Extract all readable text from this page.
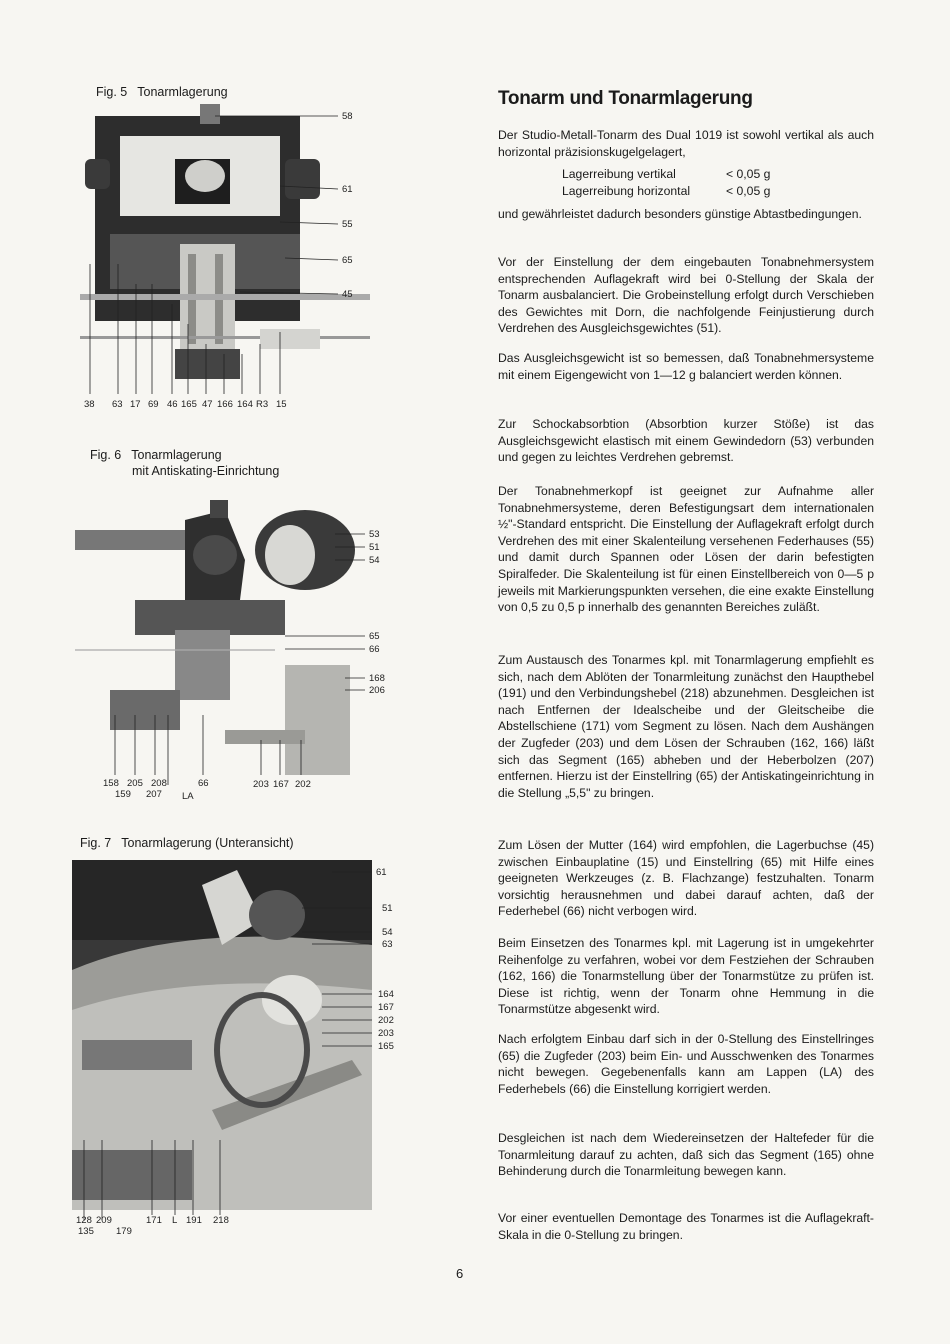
Fig. 5 Tonarmlagerung
58
61
55
65
45
38 63 17 69 46 165 47 166 164 R3 15
Fig. 6 Tonarmlagerung
mit Antiskating-Einrichtung
53
51
54
65
66
168
206
158 205 208	66	203 167 202
159 207 LA
Fig. 7 Tonarmlagerung (Unteransicht)
61
51
54
63
164
167
202
203
165
128 209	171 L 191 218
135 179
Tonarm und Tonarmlagerung

Der Studio-Metall-Tonarm des Dual 1019 ist sowohl vertikal als auch horizontal präzisionskugelgelagert,

Lagerreibung vertikal	< 0,05 g
Lagerreibung horizontal	< 0,05 g

und gewährleistet dadurch besonders günstige Abtastbedingungen.

Vor der Einstellung der dem eingebauten Tonabnehmersystem entsprechenden Auflagekraft wird bei 0-Stellung der Skala der Tonarm ausbalanciert. Die Grobeinstellung erfolgt durch Verschieben des Gewichtes mit Dorn, die nachfolgende Feinjustierung durch Verdrehen des Ausgleichsgewichtes (51).

Das Ausgleichsgewicht ist so bemessen, daß Tonabnehmersysteme mit einem Eigengewicht von 1—12 g balanciert werden können.

Zur Schockabsorbtion (Absorbtion kurzer Stöße) ist das Ausgleichsgewicht elastisch mit einem Gewindedorn (53) verbunden und gegen zu leichtes Verdrehen gebremst.

Der Tonabnehmerkopf ist geeignet zur Aufnahme aller Tonabnehmersysteme, deren Befestigungsart dem internationalen ½"-Standard entspricht. Die Einstellung der Auflagekraft erfolgt durch Verdrehen des mit einer Skalenteilung versehenen Federhauses (55) und damit durch Spannen oder Lösen der darin befestigten Spiralfeder. Die Skalenteilung ist für einen Einstellbereich von 0—5 p jeweils mit Markierungspunkten versehen, die eine exakte Einstellung von 0,5 zu 0,5 p innerhalb des genannten Bereiches zuläßt.

Zum Austausch des Tonarmes kpl. mit Tonarmlagerung empfiehlt es sich, nach dem Ablöten der Tonarmleitung zunächst den Haupthebel (191) und den Verbindungshebel (218) abzunehmen. Desgleichen ist nach Entfernen der Idealscheibe und der Gleitscheibe die Abstellschiene (171) vom Segment zu lösen. Nach dem Aushängen der Zugfeder (203) und dem Lösen der Schrauben (162, 166) läßt sich das Segment (165) abheben und der Heberbolzen (207) entfernen. Hierzu ist der Einstellring (65) der Antiskatingeinrichtung in die Stellung „5,5" zu bringen.

Zum Lösen der Mutter (164) wird empfohlen, die Lagerbuchse (45) zwischen Einbauplatine (15) und Einstellring (65) mit Hilfe eines geeigneten Werkzeuges (z. B. Flachzange) festzuhalten. Tonarm vorsichtig herausnehmen und dabei darauf achten, daß der Federhebel (66) nicht verbogen wird.

Beim Einsetzen des Tonarmes kpl. mit Lagerung ist in umgekehrter Reihenfolge zu verfahren, wobei vor dem Festziehen der Schrauben (162, 166) die Tonarmstellung über der Tonarmstütze zu prüfen ist. Diese ist richtig, wenn der Tonarm ohne Hemmung in die Tonarmstütze abgesenkt wird.

Nach erfolgtem Einbau darf sich in der 0-Stellung des Einstellringes (65) die Zugfeder (203) beim Ein- und Ausschwenken des Tonarmes nicht bewegen. Gegebenenfalls kann am Lappen (LA) des Federhebels (66) die Einstellung korrigiert werden.

Desgleichen ist nach dem Wiedereinsetzen der Haltefeder für die Tonarmleitung darauf zu achten, daß sich das Segment (165) ohne Behinderung durch die Tonarmleitung bewegen kann.

Vor einer eventuellen Demontage des Tonarmes ist die Auflagekraft-Skala in die 0-Stellung zu bringen.

6
